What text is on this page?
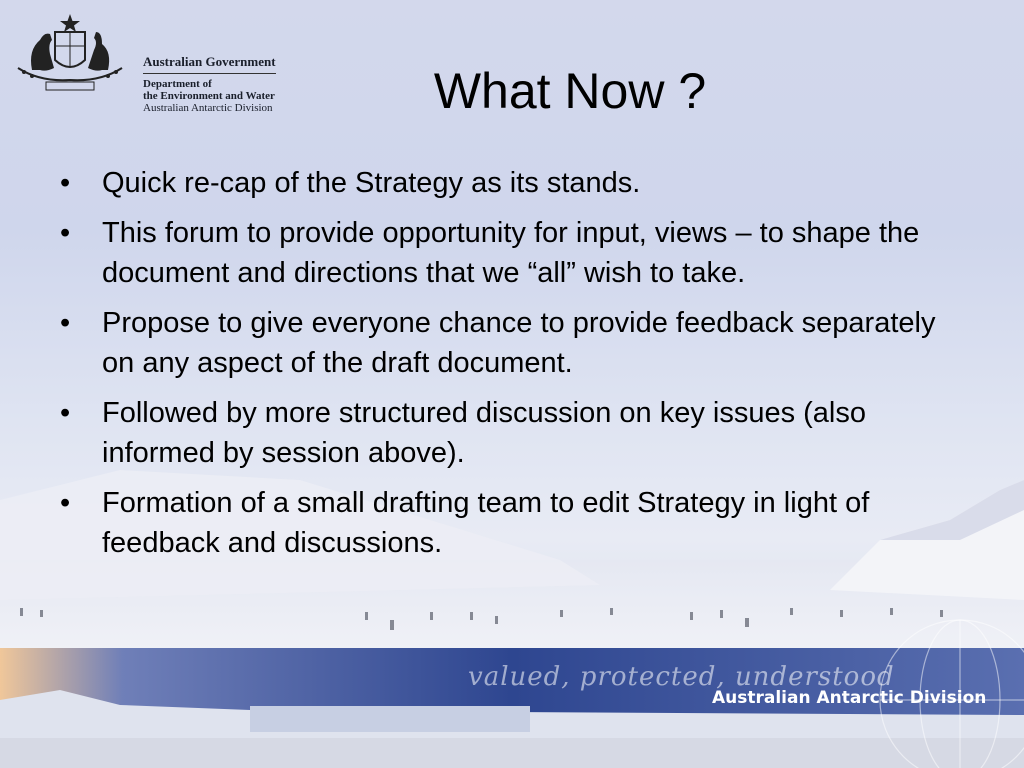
Australian Government
Department of
the Environment and Water
Australian Antarctic Division	What Now ?
• Quick re-cap of the Strategy as its stands.
• This forum to provide opportunity for input, views – to shape the document and directions that we “all” wish to take.
• Propose to give everyone chance to provide feedback separately on any aspect of the draft document.
• Followed by more structured discussion on key issues (also informed by session above).
• Formation of a small drafting team to edit Strategy in light of feedback and discussions.
valued, protected, understood
Australian Antarctic Division
